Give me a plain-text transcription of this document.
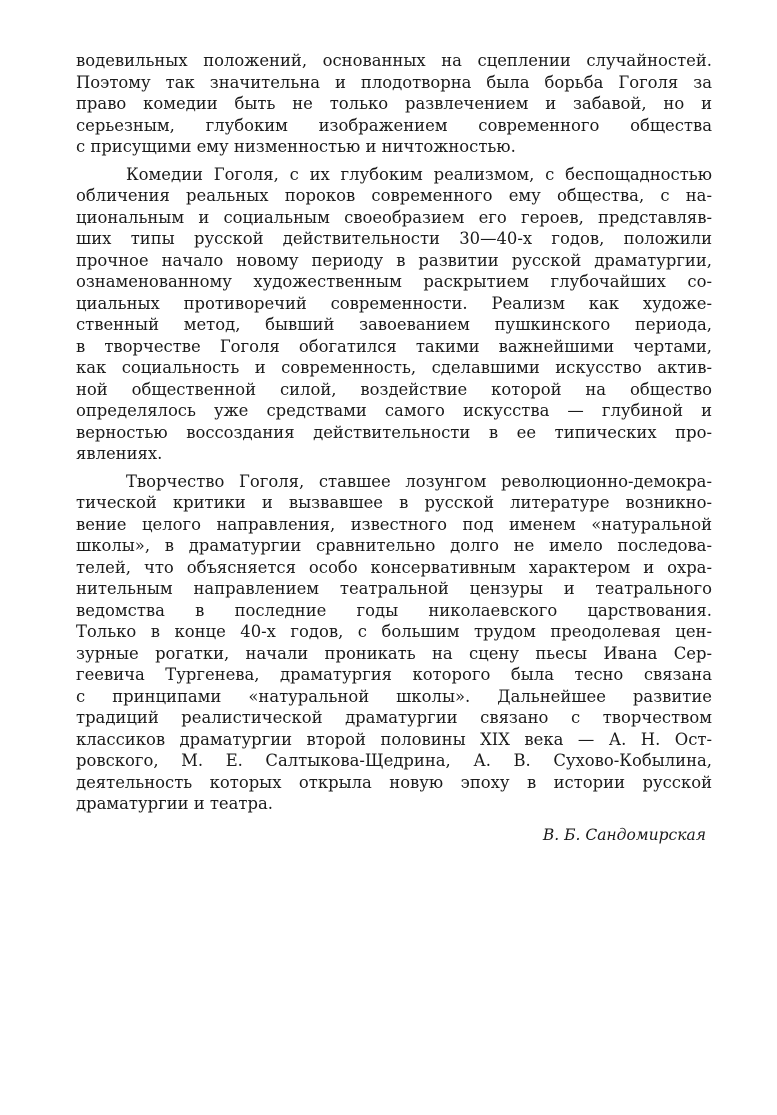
водевильных положений, основанных на сцеплении случайностей.
Поэтому так значительна и плодотворна была борьба Гоголя за
право комедии быть не только развлечением и забавой, но и
серьезным, глубоким изображением современного общества
с присущими ему низменностью и ничтожностью.
Комедии Гоголя, с их глубоким реализмом, с беспощадностью
обличения реальных пороков современного ему общества, с на-
циональным и социальным своеобразием его героев, представляв-
ших типы русской действительности 30—40-х годов, положили
прочное начало новому периоду в развитии русской драматургии,
ознаменованному художественным раскрытием глубочайших со-
циальных противоречий современности. Реализм как художе-
ственный метод, бывший завоеванием пушкинского периода,
в творчестве Гоголя обогатился такими важнейшими чертами,
как социальность и современность, сделавшими искусство актив-
ной общественной силой, воздействие которой на общество
определялось уже средствами самого искусства — глубиной и
верностью воссоздания действительности в ее типических про-
явлениях.
Творчество Гоголя, ставшее лозунгом революционно-демокра-
тической критики и вызвавшее в русской литературе возникно-
вение целого направления, известного под именем «натуральной
школы», в драматургии сравнительно долго не имело последова-
телей, что объясняется особо консервативным характером и охра-
нительным направлением театральной цензуры и театрального
ведомства в последние годы николаевского царствования.
Только в конце 40-х годов, с большим трудом преодолевая цен-
зурные рогатки, начали проникать на сцену пьесы Ивана Сер-
геевича Тургенева, драматургия которого была тесно связана
с принципами «натуральной школы». Дальнейшее развитие
традиций реалистической драматургии связано с творчеством
классиков драматургии второй половины XIX века — А. Н. Ост-
ровского, М. Е. Салтыкова-Щедрина, А. В. Сухово-Кобылина,
деятельность которых открыла новую эпоху в истории русской
драматургии и театра.
В. Б. Сандомирская
